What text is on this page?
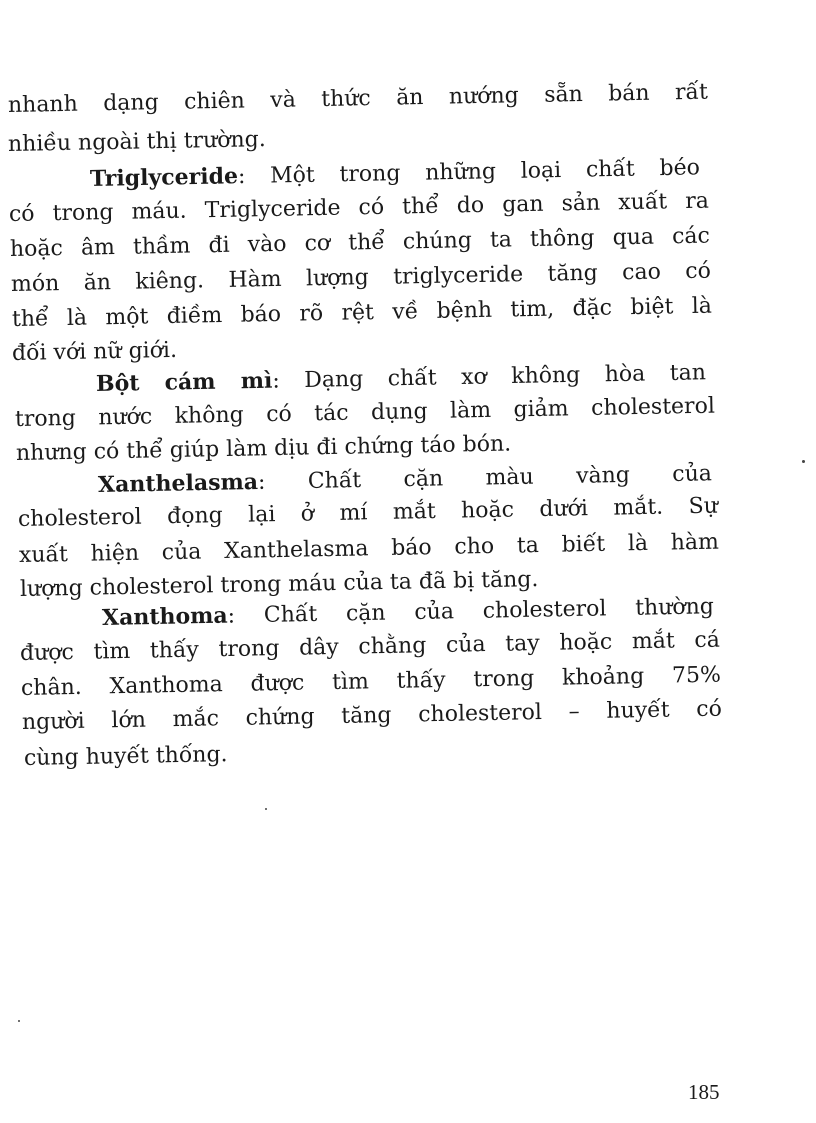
nhanh dạng chiên và thức ăn nướng sẵn bán rất
nhiều ngoài thị trường.
Triglyceride: Một trong những loại chất béo
có trong máu. Triglyceride có thể do gan sản xuất ra
hoặc âm thầm đi vào cơ thể chúng ta thông qua các
món ăn kiêng. Hàm lượng triglyceride tăng cao có
thể là một điềm báo rõ rệt về bệnh tim, đặc biệt là
đối với nữ giới.
Bột cám mì: Dạng chất xơ không hòa tan
trong nước không có tác dụng làm giảm cholesterol
nhưng có thể giúp làm dịu đi chứng táo bón.
Xanthelasma: Chất cặn màu vàng của
cholesterol đọng lại ở mí mắt hoặc dưới mắt. Sự
xuất hiện của Xanthelasma báo cho ta biết là hàm
lượng cholesterol trong máu của ta đã bị tăng.
Xanthoma: Chất cặn của cholesterol thường
được tìm thấy trong dây chằng của tay hoặc mắt cá
chân. Xanthoma được tìm thấy trong khoảng 75%
người lớn mắc chứng tăng cholesterol – huyết có
cùng huyết thống.
185
